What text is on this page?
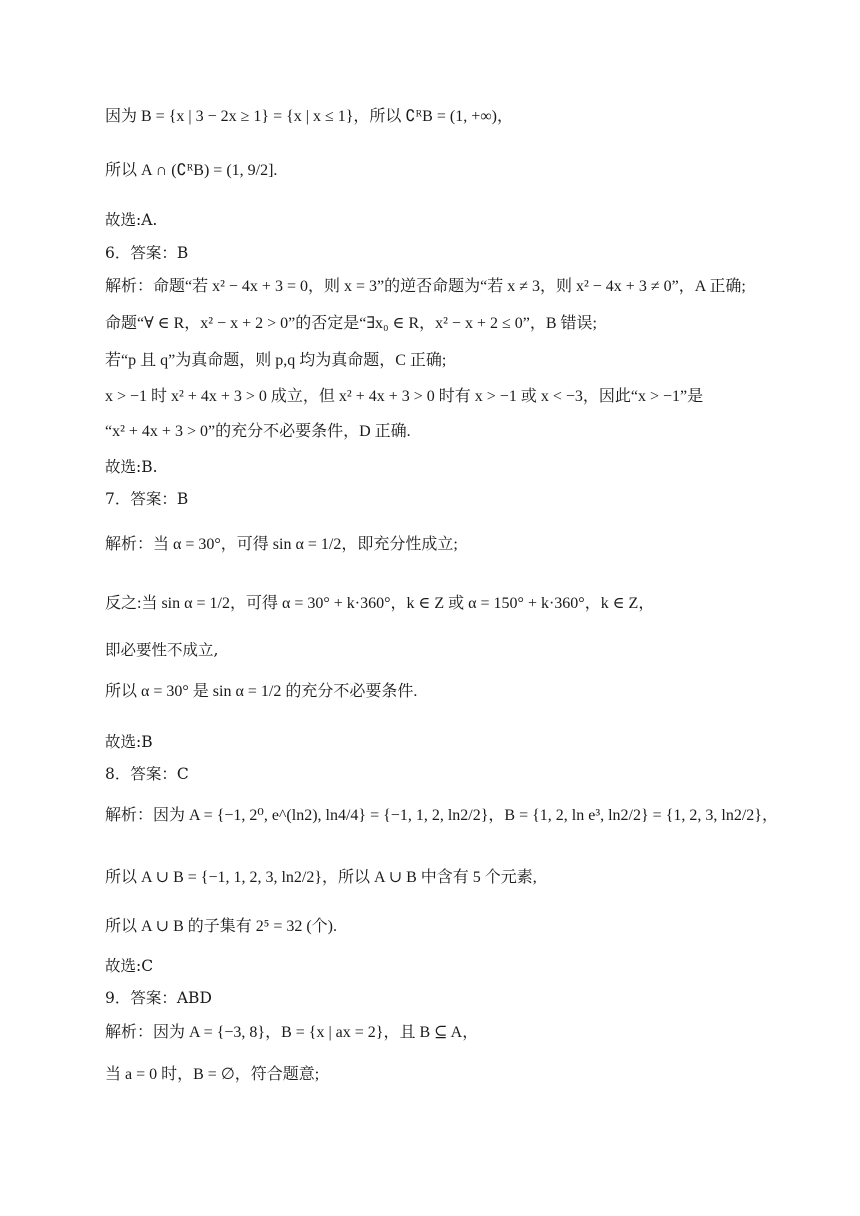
因为 B = {x | 3 − 2x ≥ 1} = {x | x ≤ 1}，所以 ∁ᴿB = (1, +∞)，
所以 A ∩ (∁ᴿB) = (1, 9/2].
故选:A.
6．答案：B
解析：命题“若 x² − 4x + 3 = 0，则 x = 3”的逆否命题为“若 x ≠ 3，则 x² − 4x + 3 ≠ 0”，A 正确;
命题“∀ ∈ R，x² − x + 2 > 0”的否定是“∃x₀ ∈ R，x² − x + 2 ≤ 0”，B 错误;
若“p 且 q”为真命题，则 p,q 均为真命题，C 正确;
x > −1 时 x² + 4x + 3 > 0 成立，但 x² + 4x + 3 > 0 时有 x > −1 或 x < −3，因此“x > −1”是
“x² + 4x + 3 > 0”的充分不必要条件，D 正确.
故选:B.
7．答案：B
解析：当 α = 30°，可得 sin α = 1/2，即充分性成立;
反之:当 sin α = 1/2，可得 α = 30° + k·360°，k ∈ Z 或 α = 150° + k·360°，k ∈ Z，
即必要性不成立,
所以 α = 30° 是 sin α = 1/2 的充分不必要条件.
故选:B
8．答案：C
解析：因为 A = {−1, 2⁰, e^(ln2), ln4/4} = {−1, 1, 2, ln2/2}，B = {1, 2, ln e³, ln2/2} = {1, 2, 3, ln2/2}，
所以 A ∪ B = {−1, 1, 2, 3, ln2/2}，所以 A ∪ B 中含有 5 个元素,
所以 A ∪ B 的子集有 2⁵ = 32 (个).
故选:C
9．答案：ABD
解析：因为 A = {−3, 8}，B = {x | ax = 2}，且 B ⊆ A，
当 a = 0 时，B = ∅，符合题意;
